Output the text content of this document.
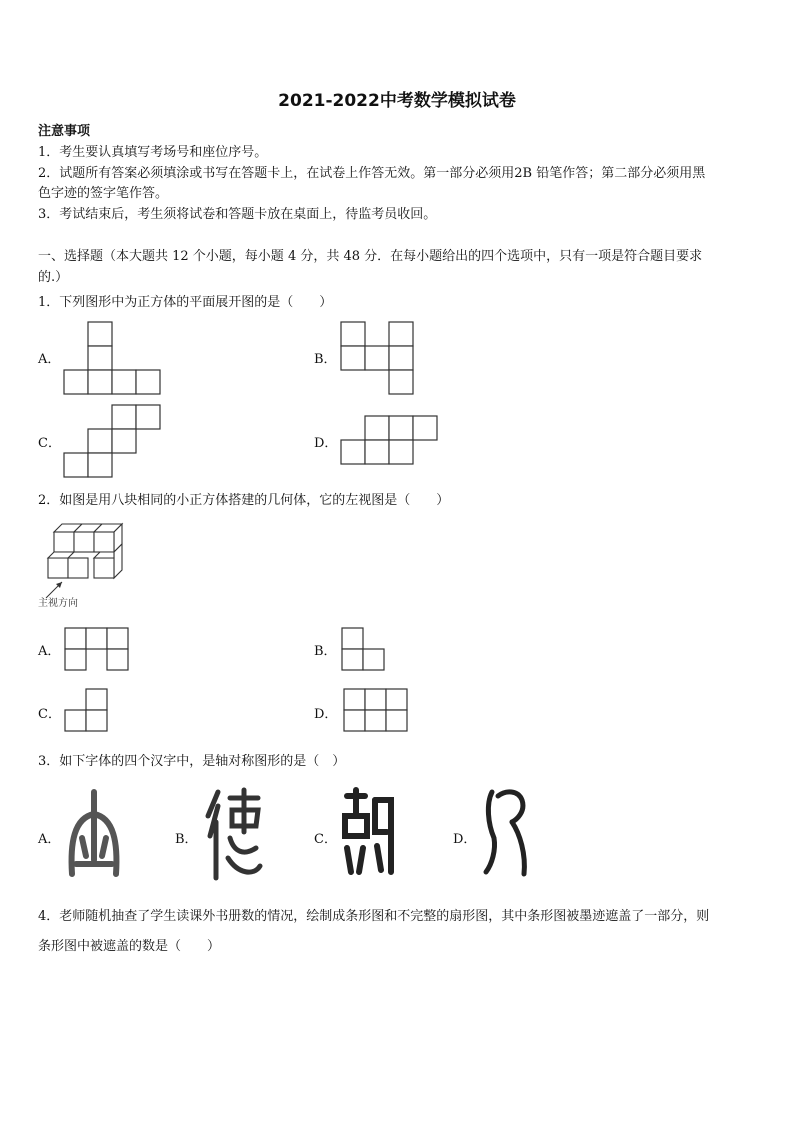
2021-2022中考数学模拟试卷
注意事项
1．考生要认真填写考场号和座位序号。
2．试题所有答案必须填涂或书写在答题卡上，在试卷上作答无效。第一部分必须用2B 铅笔作答；第二部分必须用黑
色字迹的签字笔作答。
3．考试结束后，考生须将试卷和答题卡放在桌面上，待监考员收回。
一、选择题（本大题共 12 个小题，每小题 4 分，共 48 分．在每小题给出的四个选项中，只有一项是符合题目要求
的.）
1．下列图形中为正方体的平面展开图的是（　　）
A．	B．
C．	D．
2．如图是用八块相同的小正方体搭建的几何体，它的左视图是（　　）
主视方向
A．	B．
C．	D．
3．如下字体的四个汉字中，是轴对称图形的是（　）
A．	B．	C．	D．
4．老师随机抽查了学生读课外书册数的情况，绘制成条形图和不完整的扇形图，其中条形图被墨迹遮盖了一部分，则
条形图中被遮盖的数是（　　）
